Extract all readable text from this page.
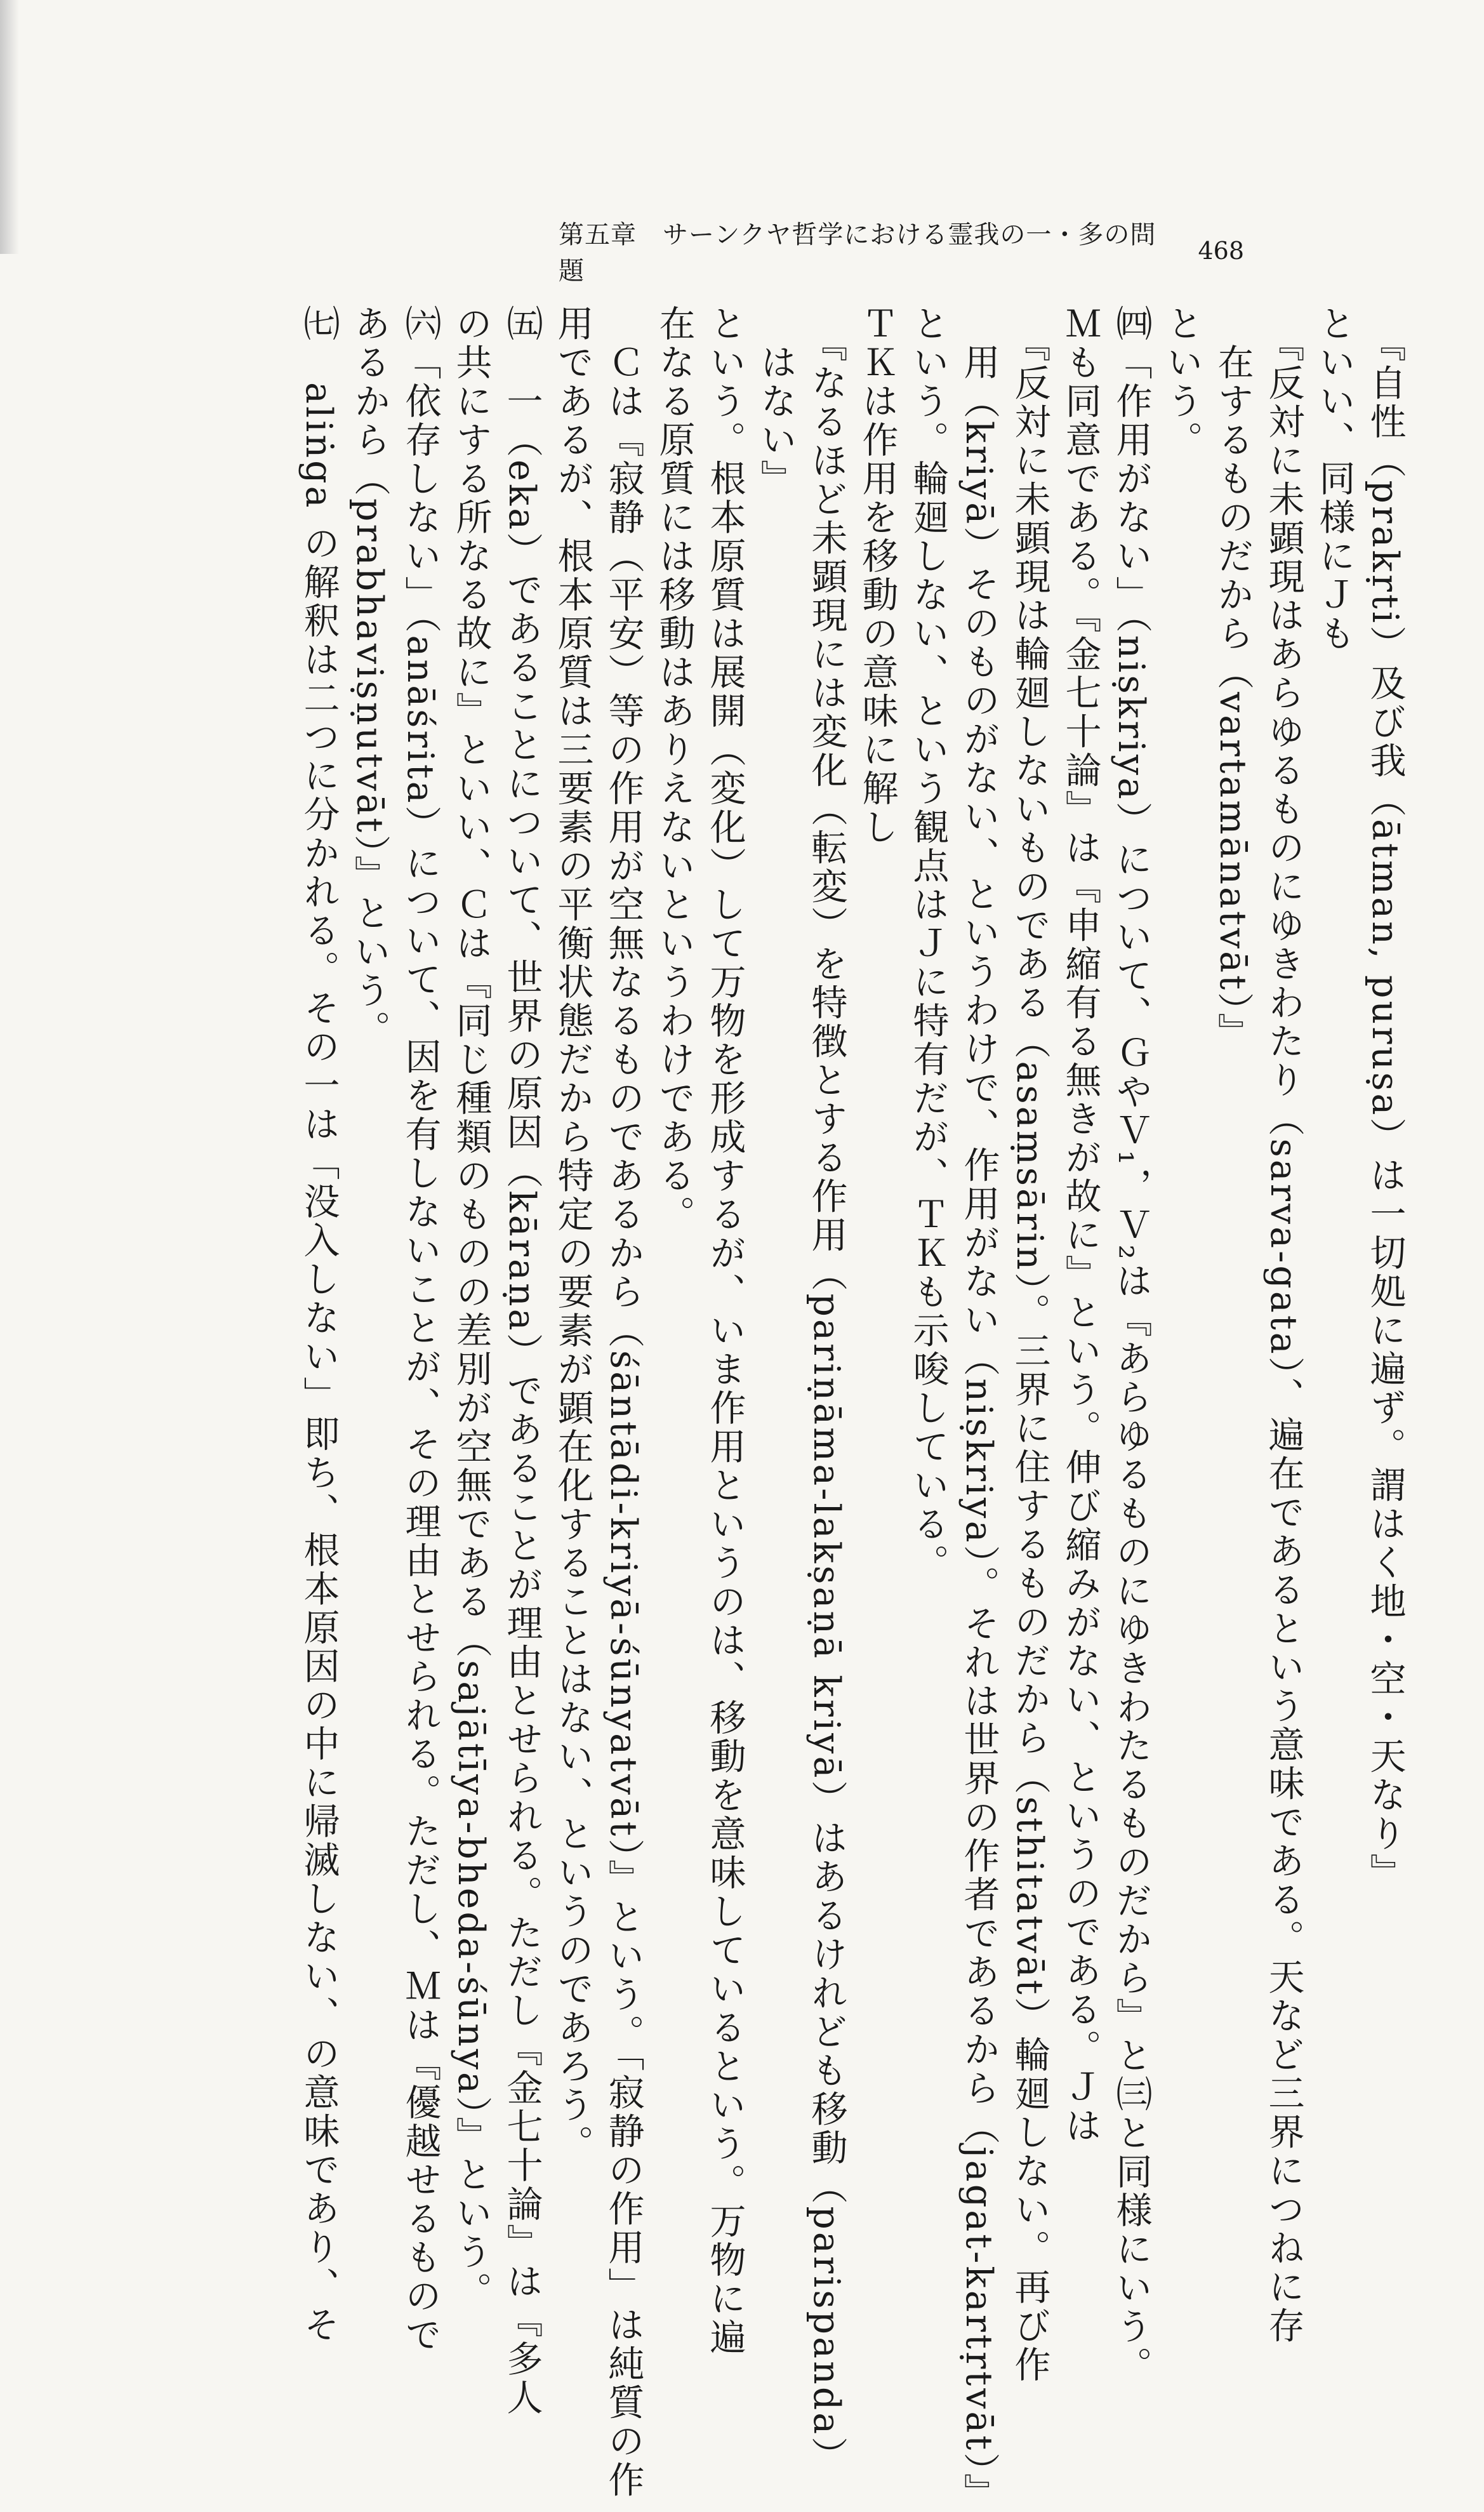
第五章　サーンクヤ哲学における霊我の一・多の問題
468
　『自性（prakṛti）及び我（ātman, puruṣa）は一切処に遍ず。謂はく地・空・天なり』
といい、同様にＪも
　『反対に未顕現はあらゆるものにゆきわたり（sarva-gata）、遍在であるという意味である。天など三界につねに存
　在するものだから（vartamānatvāt）』
という。
㈣「作用がない」（niṣkriya）について、ＧやＶ₁，Ｖ₂は『あらゆるものにゆきわたるものだから』と㈢と同様にいう。
Ｍも同意である。『金七十論』は『申縮有る無きが故に』という。伸び縮みがない、というのである。Ｊは
　『反対に未顕現は輪廻しないものである（asaṃsārin）。三界に住するものだから（sthitatvāt）輪廻しない。再び作
　用（kriyā）そのものがない、というわけで、作用がない（niṣkriya）。それは世界の作者であるから（jagat-kartṛtvāt）』
という。輪廻しない、という観点はＪに特有だが、ＴＫも示唆している。
ＴＫは作用を移動の意味に解し
　『なるほど未顕現には変化（転変）を特徴とする作用（pariṇāma-lakṣaṇā kriyā）はあるけれども移動（parispanda）
　はない』
という。根本原質は展開（変化）して万物を形成するが、いま作用というのは、移動を意味しているという。万物に遍
在なる原質には移動はありえないというわけである。
　Ｃは『寂静（平安）等の作用が空無なるものであるから（śāntādi-kriyā-śūnyatvāt）』という。「寂静の作用」は純質の作
用であるが、根本原質は三要素の平衡状態だから特定の要素が顕在化することはない、というのであろう。
㈤　一（eka）であることについて、世界の原因（kāraṇa）であることが理由とせられる。ただし『金七十論』は『多人
の共にする所なる故に』といい、Ｃは『同じ種類のものの差別が空無である（sajātīya-bheda-śūnya）』という。
㈥「依存しない」（anāśrita）について、因を有しないことが、その理由とせられる。ただし、Ｍは『優越せるもので
あるから（prabhaviṣṇutvāt）』という。
㈦　aliṅga の解釈は二つに分かれる。その一は「没入しない」即ち、根本原因の中に帰滅しない、の意味であり、そ
